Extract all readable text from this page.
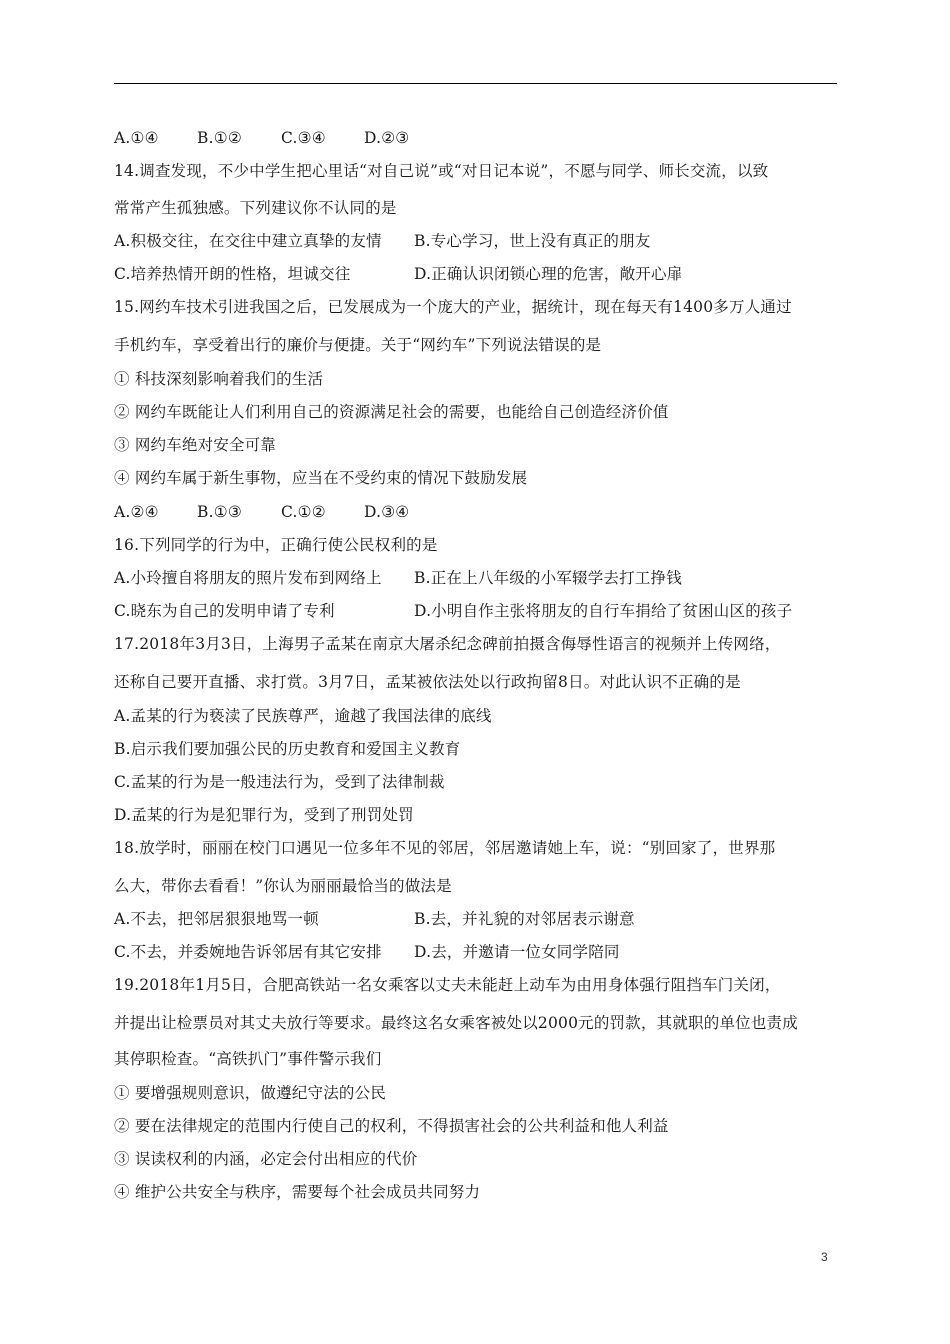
A.①④ B.①②	C.③④ D.②③
14.调查发现，不少中学生把心里话“对自己说”或“对日记本说”，不愿与同学、师长交流，以致
常常产生孤独感。下列建议你不认同的是
A.积极交往，在交往中建立真挚的友情 B.专心学习，世上没有真正的朋友
C.培养热情开朗的性格，坦诚交往	D.正确认识闭锁心理的危害，敞开心扉
15.网约车技术引进我国之后，已发展成为一个庞大的产业，据统计，现在每天有1400多万人通过
手机约车，享受着出行的廉价与便捷。关于“网约车”下列说法错误的是
① 科技深刻影响着我们的生活
② 网约车既能让人们利用自己的资源满足社会的需要，也能给自己创造经济价值
③ 网约车绝对安全可靠
④ 网约车属于新生事物，应当在不受约束的情况下鼓励发展
A.②④ B.①③	C.①② D.③④
16.下列同学的行为中，正确行使公民权利的是
A.小玲擅自将朋友的照片发布到网络上 B.正在上八年级的小军辍学去打工挣钱
C.晓东为自己的发明申请了专利	D.小明自作主张将朋友的自行车捐给了贫困山区的孩子
17.2018年3月3日，上海男子孟某在南京大屠杀纪念碑前拍摄含侮辱性语言的视频并上传网络，
还称自己要开直播、求打赏。3月7日，孟某被依法处以行政拘留8日。对此认识不正确的是
A.孟某的行为亵渎了民族尊严，逾越了我国法律的底线
B.启示我们要加强公民的历史教育和爱国主义教育
C.孟某的行为是一般违法行为，受到了法律制裁
D.孟某的行为是犯罪行为，受到了刑罚处罚
18.放学时，丽丽在校门口遇见一位多年不见的邻居，邻居邀请她上车，说：“别回家了，世界那
么大，带你去看看！”你认为丽丽最恰当的做法是
A.不去，把邻居狠狠地骂一顿	B.去，并礼貌的对邻居表示谢意
C.不去，并委婉地告诉邻居有其它安排 D.去，并邀请一位女同学陪同
19.2018年1月5日，合肥高铁站一名女乘客以丈夫未能赶上动车为由用身体强行阻挡车门关闭，
并提出让检票员对其丈夫放行等要求。最终这名女乘客被处以2000元的罚款，其就职的单位也责成
其停职检查。“高铁扒门”事件警示我们
① 要增强规则意识，做遵纪守法的公民
② 要在法律规定的范围内行使自己的权利，不得损害社会的公共利益和他人利益
③ 误读权利的内涵，必定会付出相应的代价
④ 维护公共安全与秩序，需要每个社会成员共同努力
3
